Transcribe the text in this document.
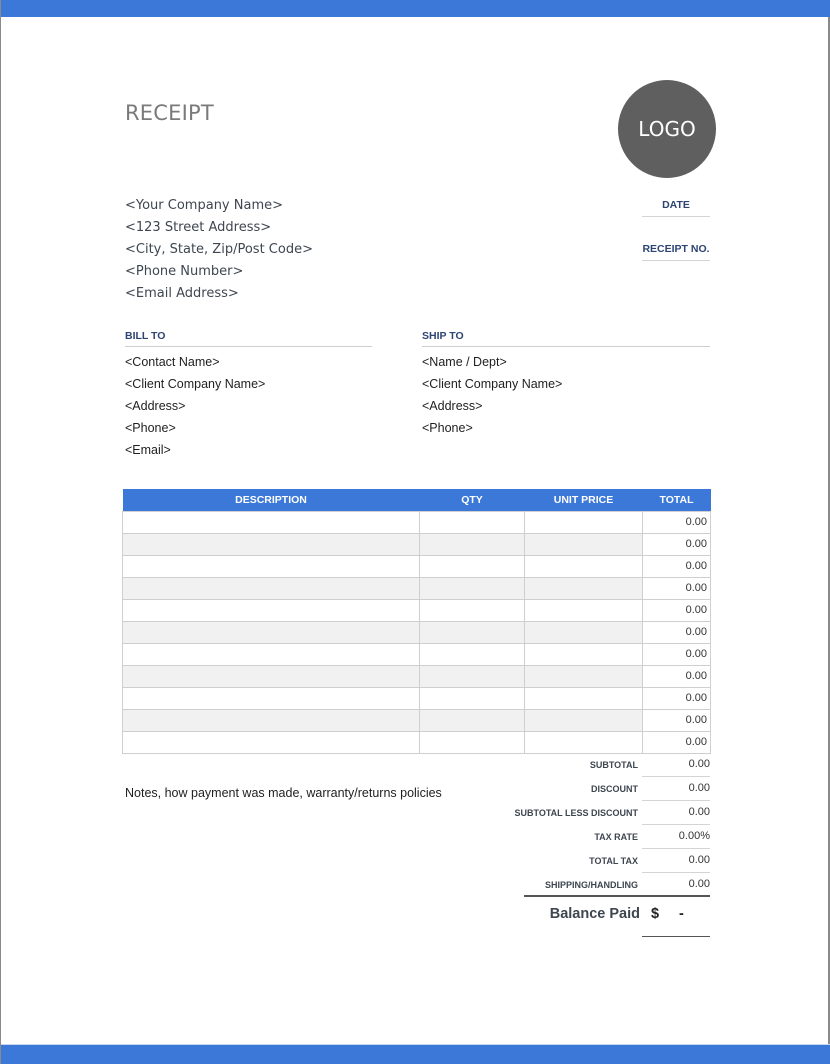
RECEIPT
LOGO
<Your Company Name>
<123 Street Address>
<City, State, Zip/Post Code>
<Phone Number>
<Email Address>
DATE
RECEIPT NO.
BILL TO
<Contact Name>
<Client Company Name>
<Address>
<Phone>
<Email>
SHIP TO
<Name / Dept>
<Client Company Name>
<Address>
<Phone>
DESCRIPTION	QTY	UNIT PRICE	TOTAL
			0.00
			0.00
			0.00
			0.00
			0.00
			0.00
			0.00
			0.00
			0.00
			0.00
			0.00
Notes, how payment was made, warranty/returns policies
SUBTOTAL	0.00
DISCOUNT	0.00
SUBTOTAL LESS DISCOUNT	0.00
TAX RATE	0.00%
TOTAL TAX	0.00
SHIPPING/HANDLING	0.00
Balance Paid $ -
